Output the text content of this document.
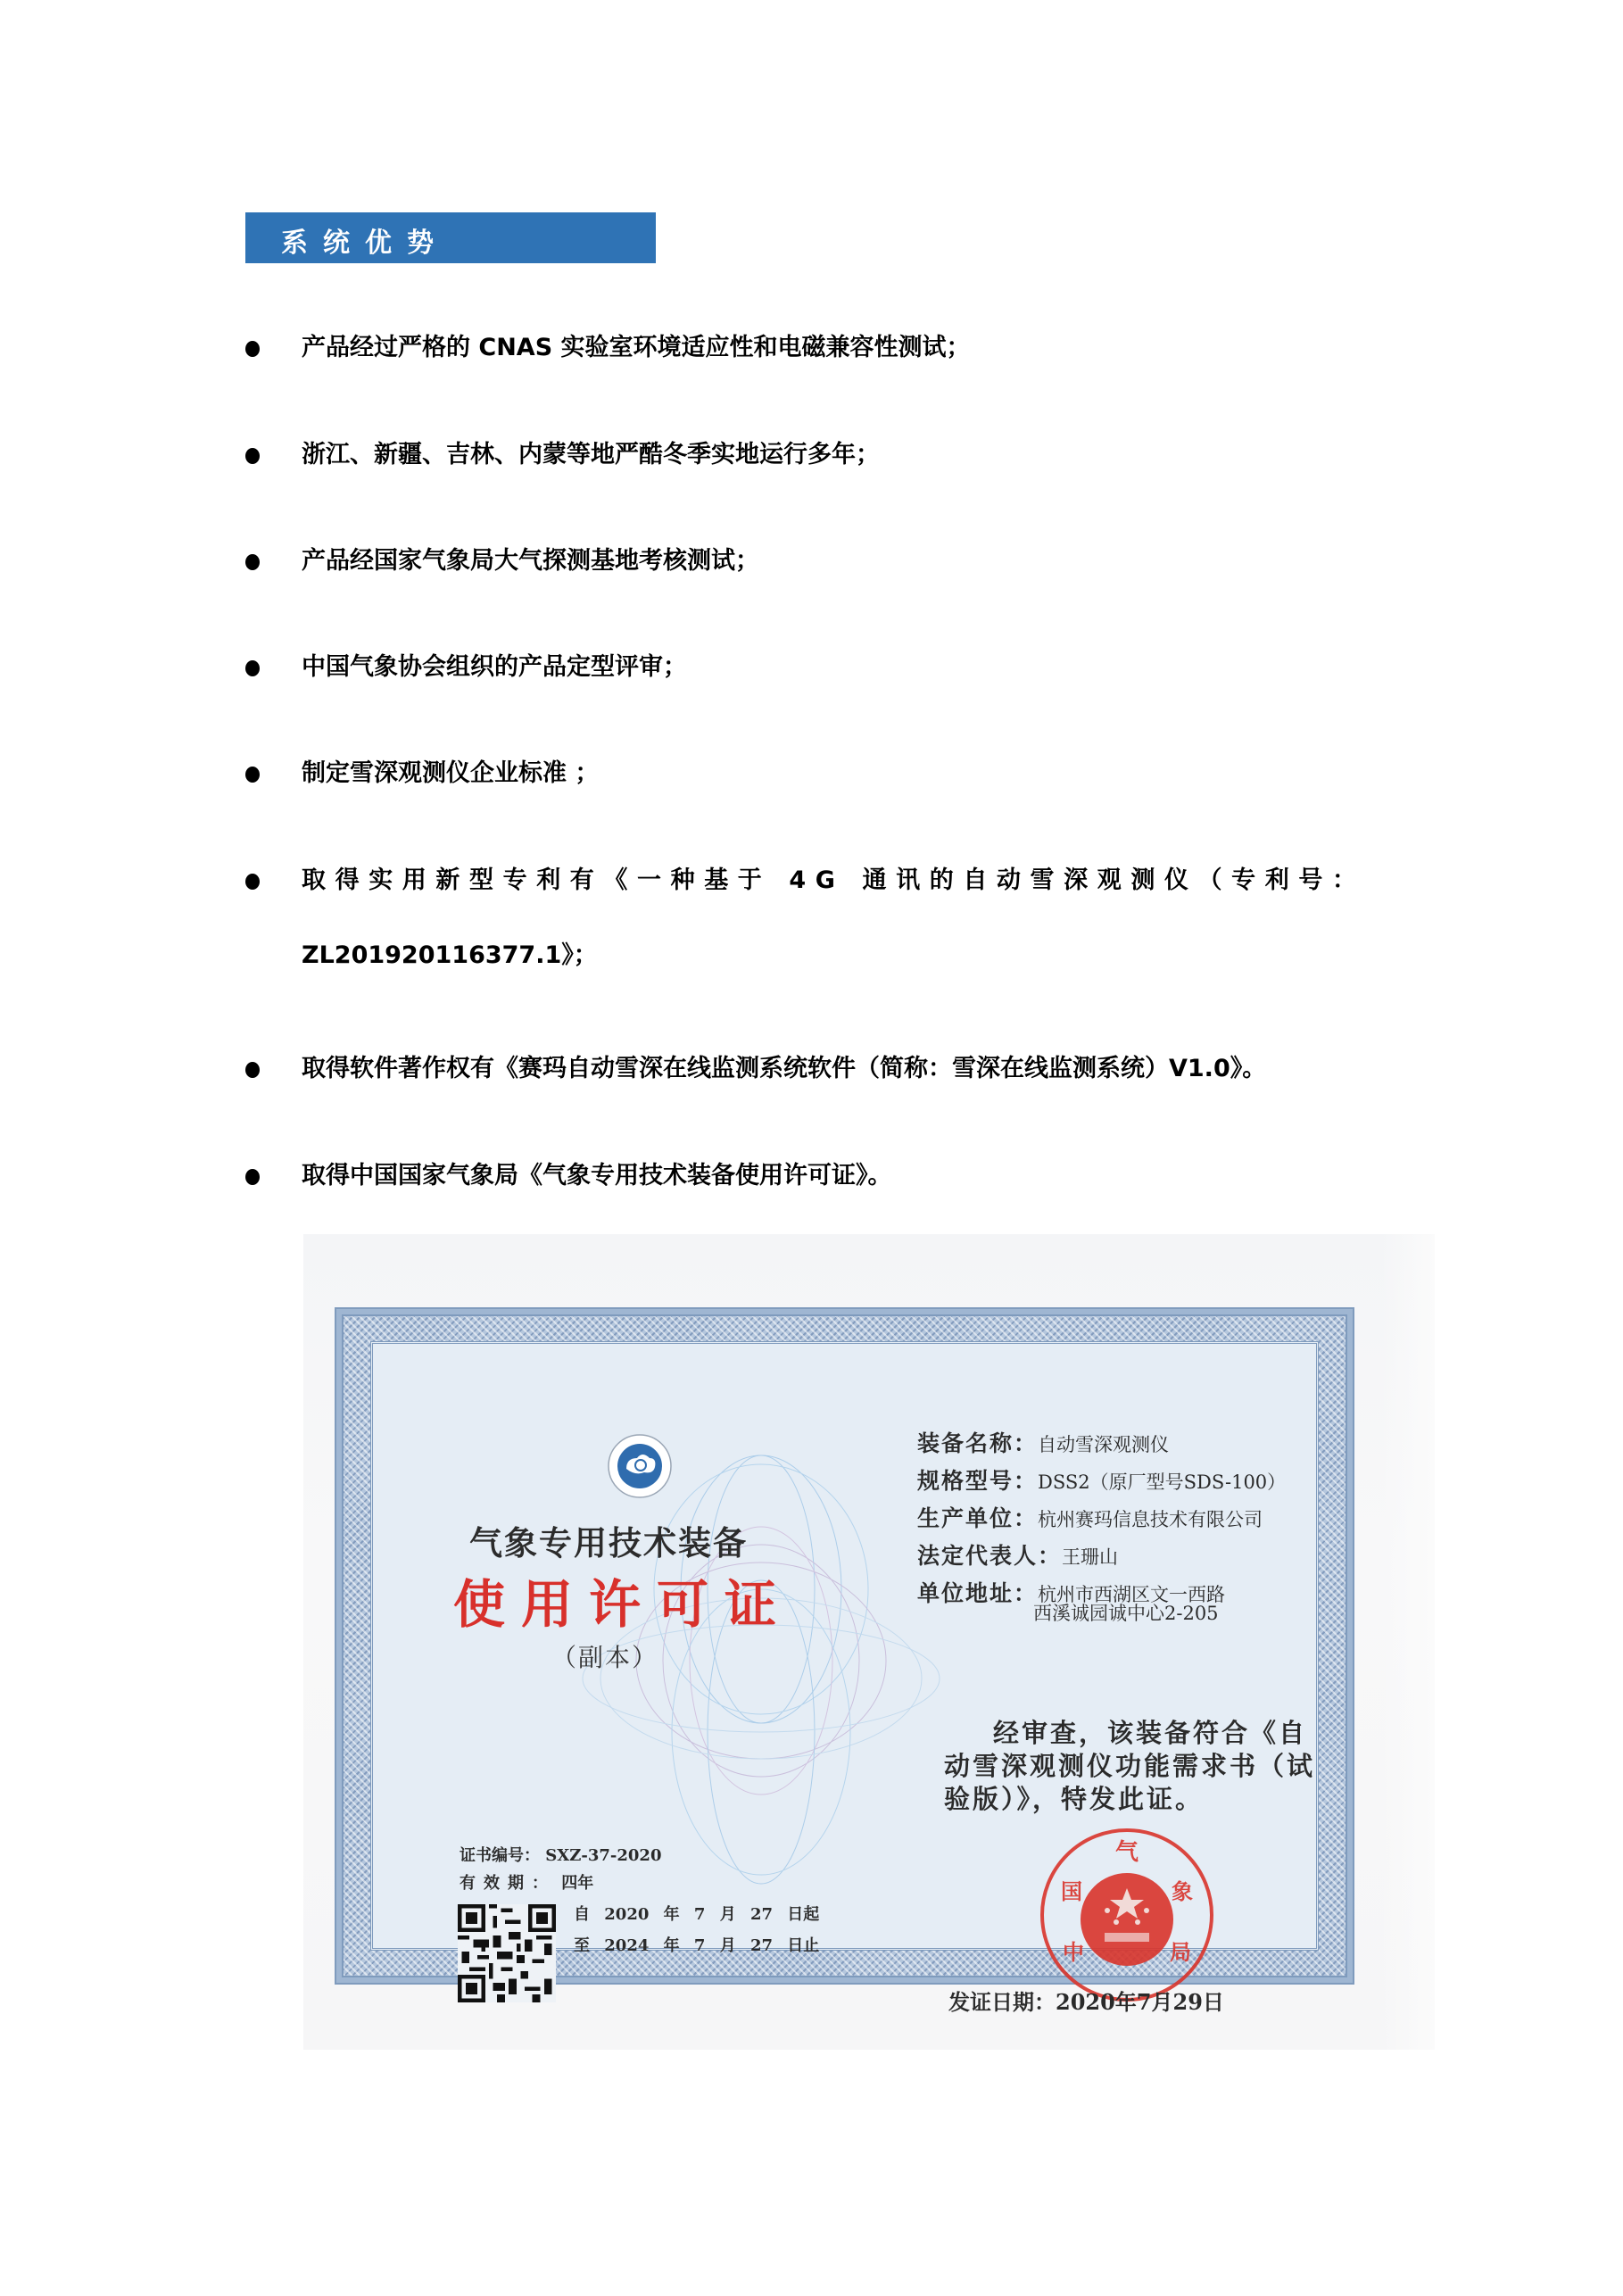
系统优势
产品经过严格的 CNAS 实验室环境适应性和电磁兼容性测试；
浙江、新疆、吉林、内蒙等地严酷冬季实地运行多年；
产品经国家气象局大气探测基地考核测试；
中国气象协会组织的产品定型评审；
制定雪深观测仪企业标准 ；
取得实用新型专利有《一种基于 4G 通讯的自动雪深观测仪（专利号：
ZL201920116377.1》；
取得软件著作权有《赛玛自动雪深在线监测系统软件（简称：雪深在线监测系统）V1.0》。
取得中国国家气象局《气象专用技术装备使用许可证》。
气象专用技术装备
使用许可证
（副本）
装备名称：自动雪深观测仪
规格型号：DSS2（原厂型号SDS-100）
生产单位：杭州赛玛信息技术有限公司
法定代表人：王珊山
单位地址：杭州市西湖区文一西路
西溪诚园诚中心2-205
经审查，该装备符合《自
动雪深观测仪功能需求书（试验版）》，特发此证。
证书编号： SXZ-37-2020
有效期： 四年
自 2020 年 7 月 27 日起
至 2024 年 7 月 27 日止
气
国	象
中	局
发证日期：2020年7月29日
